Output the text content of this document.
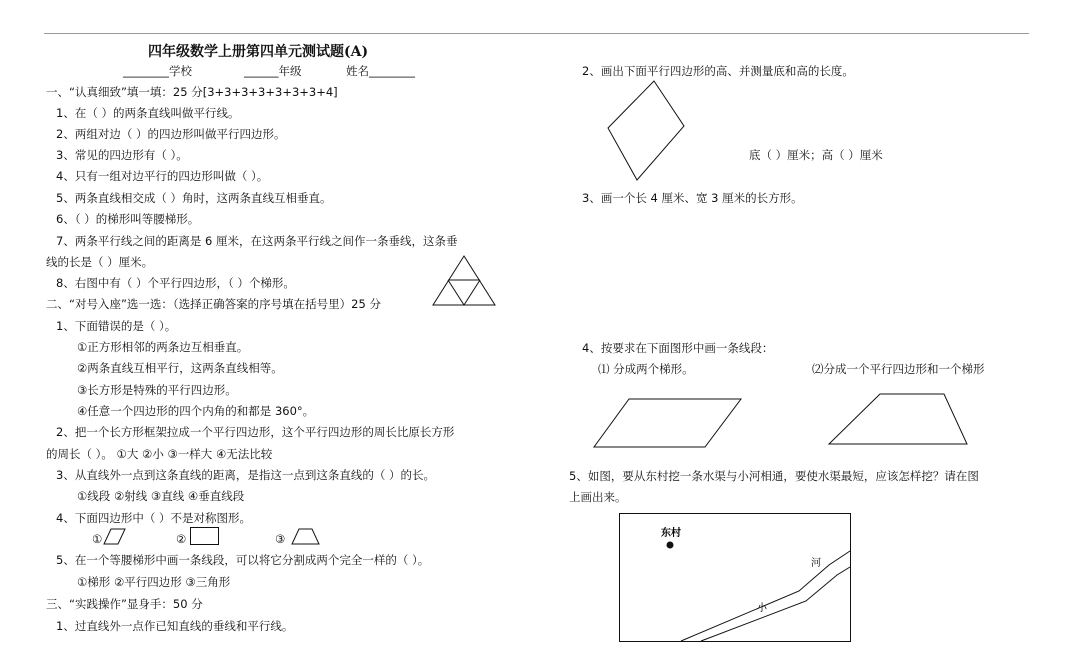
四年级数学上册第四单元测试题(A)
________学校	______年级	姓名________
一、“认真细致”填一填：25 分[3+3+3+3+3+3+3+4]
1、在（ ）的两条直线叫做平行线。
2、两组对边（ ）的四边形叫做平行四边形。
3、常见的四边形有（ ）。
4、只有一组对边平行的四边形叫做（ ）。
5、两条直线相交成（ ）角时，这两条直线互相垂直。
6、（ ）的梯形叫等腰梯形。
7、两条平行线之间的距离是 6 厘米，在这两条平行线之间作一条垂线，这条垂
线的长是（ ）厘米。
8、右图中有（ ）个平行四边形，（ ）个梯形。
二、“对号入座”选一选：（选择正确答案的序号填在括号里）25 分
1、下面错误的是（ ）。
①正方形相邻的两条边互相垂直。
②两条直线互相平行，这两条直线相等。
③长方形是特殊的平行四边形。
④任意一个四边形的四个内角的和都是 360°。
2、把一个长方形框架拉成一个平行四边形，这个平行四边形的周长比原长方形
的周长（ ）。 ①大 ②小 ③一样大 ④无法比较
3、从直线外一点到这条直线的距离，是指这一点到这条直线的（ ）的长。
①线段 ②射线 ③直线 ④垂直线段
4、下面四边形中（ ）不是对称图形。
①	②	③
5、在一个等腰梯形中画一条线段，可以将它分割成两个完全一样的（ ）。
①梯形 ②平行四边形 ③三角形
三、“实践操作”显身手：50 分
1、过直线外一点作已知直线的垂线和平行线。
2、画出下面平行四边形的高、并测量底和高的长度。
底（ ）厘米；高（ ）厘米
3、画一个长 4 厘米、宽 3 厘米的长方形。
4、按要求在下面图形中画一条线段：
⑴ 分成两个梯形。	⑵分成一个平行四边形和一个梯形
5、如图，要从东村挖一条水渠与小河相通，要使水渠最短，应该怎样挖？请在图
上画出来。
东村
河
小
